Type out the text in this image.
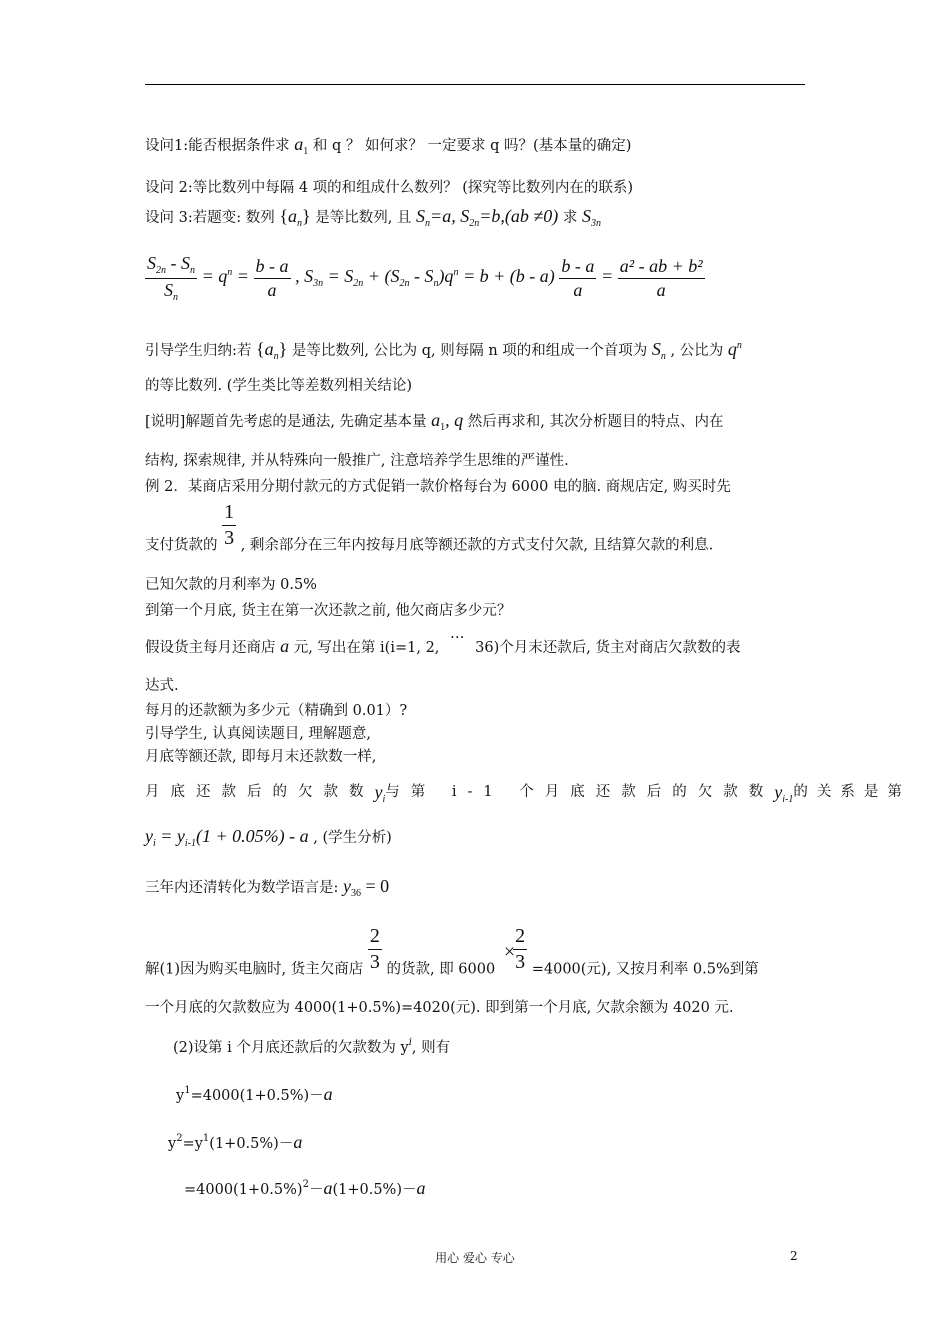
设问1:能否根据条件求 $a_1$ 和 q ？ 如何求？ 一定要求 q 吗？(基本量的确定)
设问 2:等比数列中每隔 4 项的和组成什么数列？ (探究等比数列内在的联系)
设问 3:若题变: 数列 $\{a_n\}$ 是等比数列, 且 $S_n=a$, $S_{2n}=b,(ab \ne 0)$ 求 $S_{3n}$
$\frac{S_{2n} - S_n}{S_n} = q^n = \frac{b - a}{a}$ , $S_{3n} = S_{2n} + (S_{2n} - S_n)q^n = b + (b - a) \frac{b - a}{a} = \frac{\text{a² - ab + b²}}{a}$
引导学生归纳:若 $\{a_n\}$ 是等比数列, 公比为 q, 则每隔 n 项的和组成一个首项为 $S_n$ , 公比为 $q^n$
的等比数列. (学生类比等差数列相关结论)
[说明]解题首先考虑的是通法, 先确定基本量 $a_1$, q 然后再求和, 其次分析题目的特点、内在
结构, 探索规律, 并从特殊向一般推广, 注意培养学生思维的严谨性.
例 2．某商店采用分期付款元的方式促销一款价格每台为 6000 电的脑. 商规店定, 购买时先
支付货款的 $\frac{1}{3}$ , 剩余部分在三年内按每月底等额还款的方式支付欠款, 且结算欠款的利息.
已知欠款的月利率为 0.5%
到第一个月底, 货主在第一次还款之前, 他欠商店多少元？
假设货主每月还商店 a 元, 写出在第 i(i=1, 2, … 36)个月末还款后, 货主对商店欠款数的表
达式.
每月的还款额为多少元（精确到 0.01）?
引导学生, 认真阅读题目, 理解题意,
月底等额还款, 即每月末还款数一样,
月底还款后的欠款数 $y_i$ 与第 i-1 个月底还款后的欠款数 $y_{i-1}$ 的关系是第
$y_i = y_{i-1}(1 + 0.05\%) - a$ , (学生分析)
三年内还清转化为数学语言是: $y_{36} = 0$
解(1)因为购买电脑时, 货主欠商店 $\frac{2}{3}$ 的货款, 即 6000 ×
$\frac{2}{3} =4000$(元), 又按月利率 0.5%到第
一个月底的欠款数应为 4000(1+0.5%)=4020(元). 即到第一个月底, 欠款余额为 4020 元.
(2)设第 i 个月底还款后的欠款数为 $y^i$, 则有
$y^1=4000(1+0.5\%)-a$
$y^2=y^1(1+0.5\%)-a$
$=4000(1+0.5\%)^2-a(1+0.5\%)-a$
用心 爱心 专心	2
